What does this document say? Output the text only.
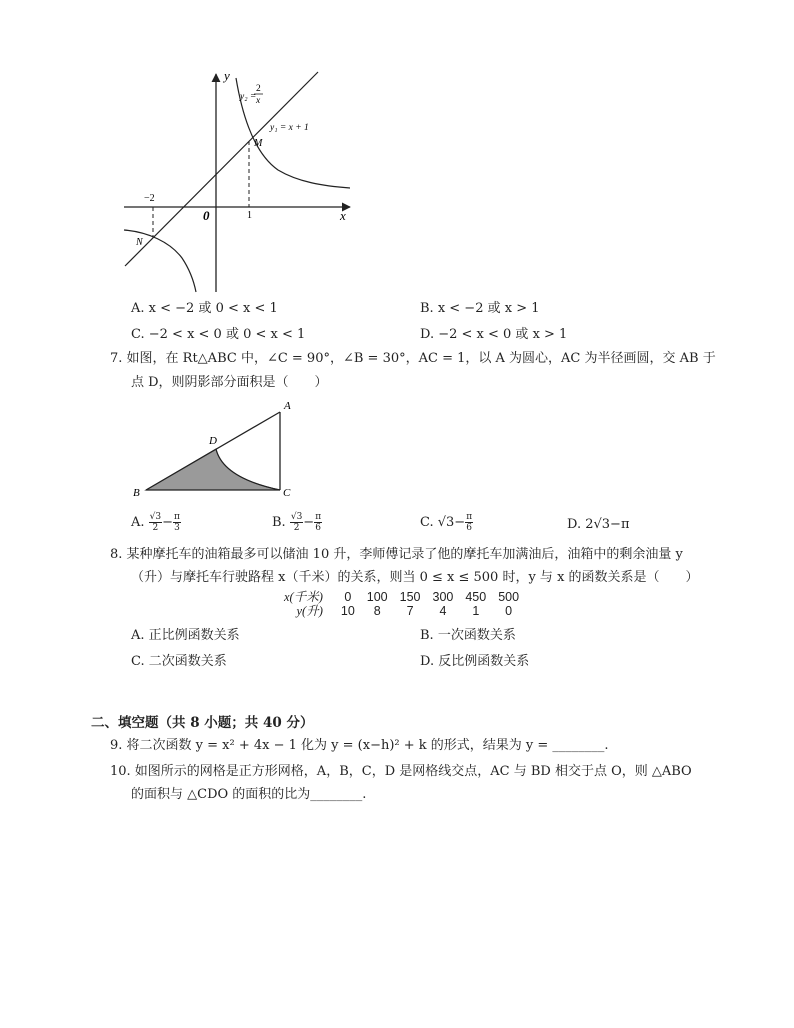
y
x
0
y₂ =
2
x
y₁ = x + 1
M
N
−2
1
A. x < −2 或 0 < x < 1	B. x < −2 或 x > 1
C. −2 < x < 0 或 0 < x < 1	D. −2 < x < 0 或 x > 1
7. 如图，在 Rt△ABC 中，∠C = 90°，∠B = 30°，AC = 1，以 A 为圆心，AC 为半径画圆，交 AB 于
点 D，则阴影部分面积是（　　）
A
B	C
D
A. $\frac{√3}{2} - \frac{\pi}{3}$	B. $\frac{√3}{2} - \frac{\pi}{6}$	C. $√3- \frac{\pi}{6}$	D. 2√3−π
8. 某种摩托车的油箱最多可以储油 10 升，李师傅记录了他的摩托车加满油后，油箱中的剩余油量 y
（升）与摩托车行驶路程 x（千米）的关系，则当 0 ≤ x ≤ 500 时，y 与 x 的函数关系是（　　）
x(千米)	0	100	150	300	450	500
y(升)	10	8	7	4	1	0
A. 正比例函数关系	B. 一次函数关系
C. 二次函数关系	D. 反比例函数关系
二、填空题（共 8 小题；共 40 分）
9. 将二次函数 y = x² + 4x − 1 化为 y = (x−h)² + k 的形式，结果为 y = ________.
10. 如图所示的网格是正方形网格，A，B，C，D 是网格线交点，AC 与 BD 相交于点 O，则 △ABO
的面积与 △CDO 的面积的比为________.
